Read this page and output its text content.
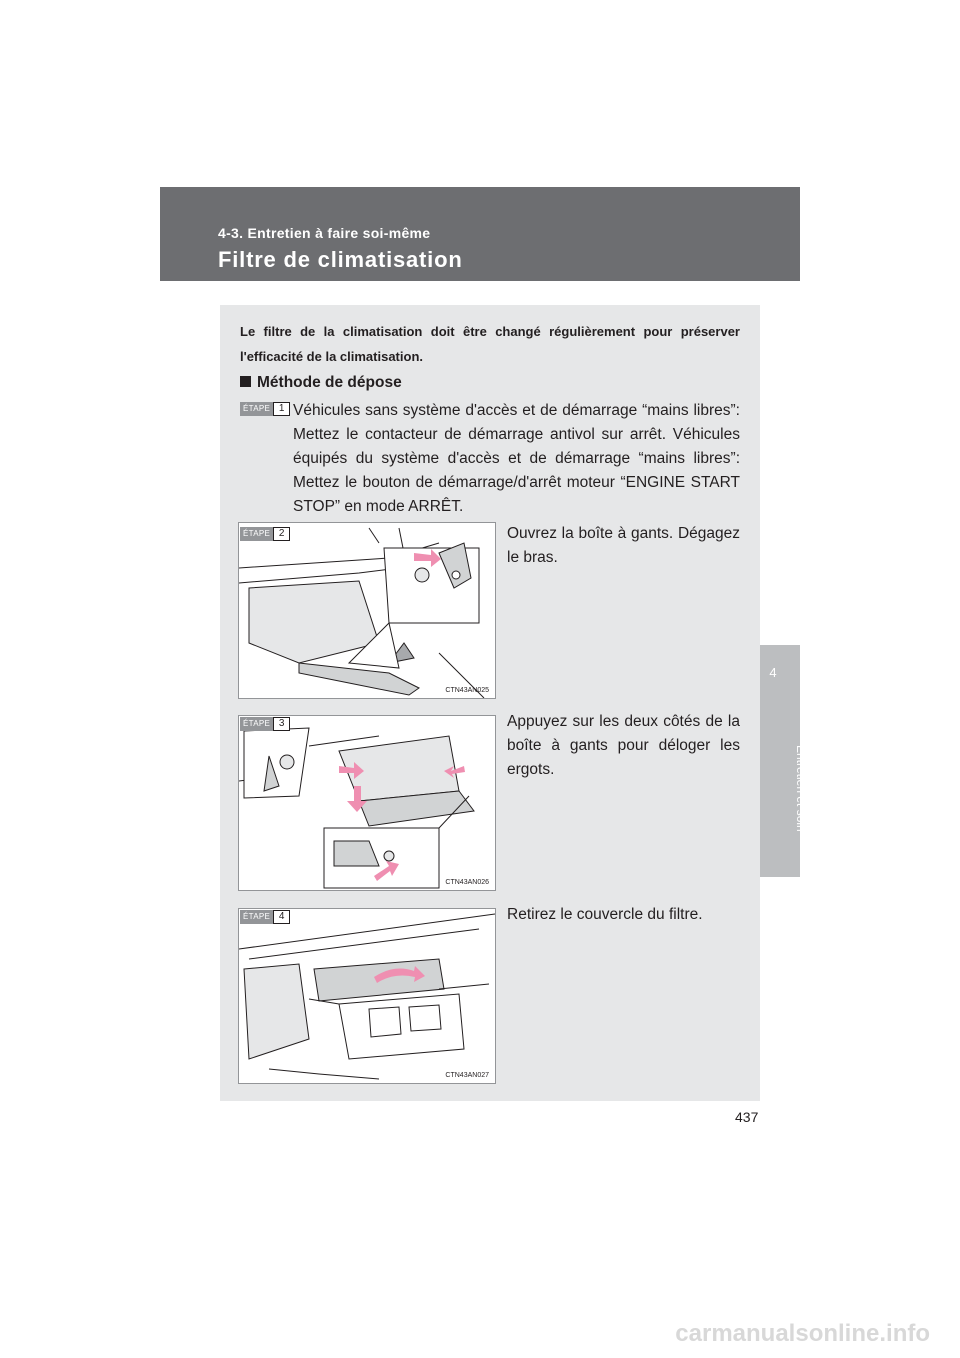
4-3. Entretien à faire soi-même
Filtre de climatisation
4
Entretien et soin
Le filtre de la climatisation doit être changé régulièrement pour préserver l'efficacité de la climatisation.
Méthode de dépose
ÉTAPE 1 Véhicules sans système d'accès et de démarrage “mains libres”: Mettez le contacteur de démarrage antivol sur arrêt. Véhicules équipés du système d'accès et de démarrage “mains libres”: Mettez le bouton de démarrage/d'arrêt moteur “ENGINE START STOP” en mode ARRÊT.
CTN43AN025
ÉTAPE 2	Ouvrez la boîte à gants. Dégagez le bras.
CTN43AN026
ÉTAPE 3	Appuyez sur les deux côtés de la boîte à gants pour déloger les ergots.
CTN43AN027
ÉTAPE 4	Retirez le couvercle du filtre.
437
carmanualsonline.info
